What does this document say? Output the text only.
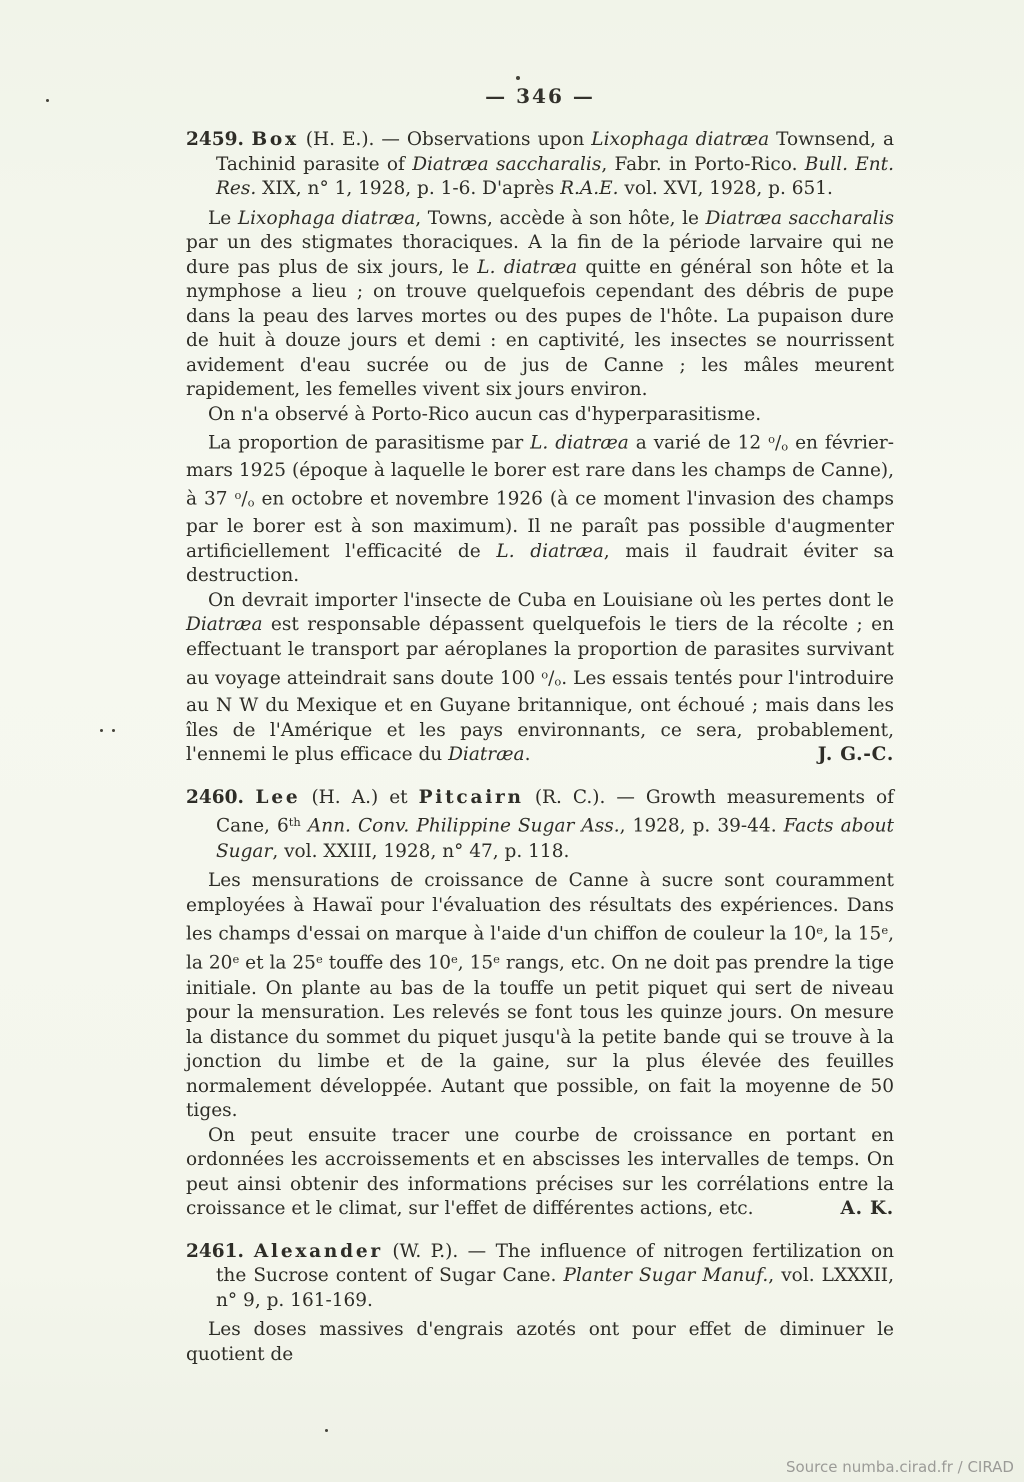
— 346 —

2459. Box (H. E.). — Observations upon Lixophaga diatræa Townsend, a Tachinid parasite of Diatræa saccharalis, Fabr. in Porto-Rico. Bull. Ent. Res. XIX, n° 1, 1928, p. 1-6. D'après R.A.E. vol. XVI, 1928, p. 651.

Le Lixophaga diatræa, Towns, accède à son hôte, le Diatræa saccharalis par un des stigmates thoraciques. A la fin de la période larvaire qui ne dure pas plus de six jours, le L. diatræa quitte en général son hôte et la nymphose a lieu ; on trouve quelquefois cependant des débris de pupe dans la peau des larves mortes ou des pupes de l'hôte. La pupaison dure de huit à douze jours et demi : en captivité, les insectes se nourrissent avidement d'eau sucrée ou de jus de Canne ; les mâles meurent rapidement, les femelles vivent six jours environ.

On n'a observé à Porto-Rico aucun cas d'hyperparasitisme.

La proportion de parasitisme par L. diatræa a varié de 12 $^o$/o en février-mars 1925 (époque à laquelle le borer est rare dans les champs de Canne), à 37 $^o$/o en octobre et novembre 1926 (à ce moment l'invasion des champs par le borer est à son maximum). Il ne paraît pas possible d'augmenter artificiellement l'efficacité de L. diatræa, mais il faudrait éviter sa destruction.

On devrait importer l'insecte de Cuba en Louisiane où les pertes dont le Diatræa est responsable dépassent quelquefois le tiers de la récolte ; en effectuant le transport par aéroplanes la proportion de parasites survivant au voyage atteindrait sans doute 100 $^o$/o. Les essais tentés pour l'introduire au N W du Mexique et en Guyane britannique, ont échoué ; mais dans les îles de l'Amérique et les pays environnants, ce sera, probablement, l'ennemi le plus efficace du Diatræa.	J. G.-C.

2460. Lee (H. A.) et Pitcairn (R. C.). — Growth measurements of Cane, 6th Ann. Conv. Philippine Sugar Ass., 1928, p. 39-44. Facts about Sugar, vol. XXIII, 1928, n° 47, p. 118.

Les mensurations de croissance de Canne à sucre sont couramment employées à Hawaï pour l'évaluation des résultats des expériences. Dans les champs d'essai on marque à l'aide d'un chiffon de couleur la 10e, la 15e, la 20e et la 25e touffe des 10e, 15e rangs, etc. On ne doit pas prendre la tige initiale. On plante au bas de la touffe un petit piquet qui sert de niveau pour la mensuration. Les relevés se font tous les quinze jours. On mesure la distance du sommet du piquet jusqu'à la petite bande qui se trouve à la jonction du limbe et de la gaine, sur la plus élevée des feuilles normalement développée. Autant que possible, on fait la moyenne de 50 tiges.

On peut ensuite tracer une courbe de croissance en portant en ordonnées les accroissements et en abscisses les intervalles de temps. On peut ainsi obtenir des informations précises sur les corrélations entre la croissance et le climat, sur l'effet de différentes actions, etc.	A. K.

2461. Alexander (W. P.). — The influence of nitrogen fertilization on the Sucrose content of Sugar Cane. Planter Sugar Manuf., vol. LXXXII, n° 9, p. 161-169.

Les doses massives d'engrais azotés ont pour effet de diminuer le quotient de

Source numba.cirad.fr / CIRAD
